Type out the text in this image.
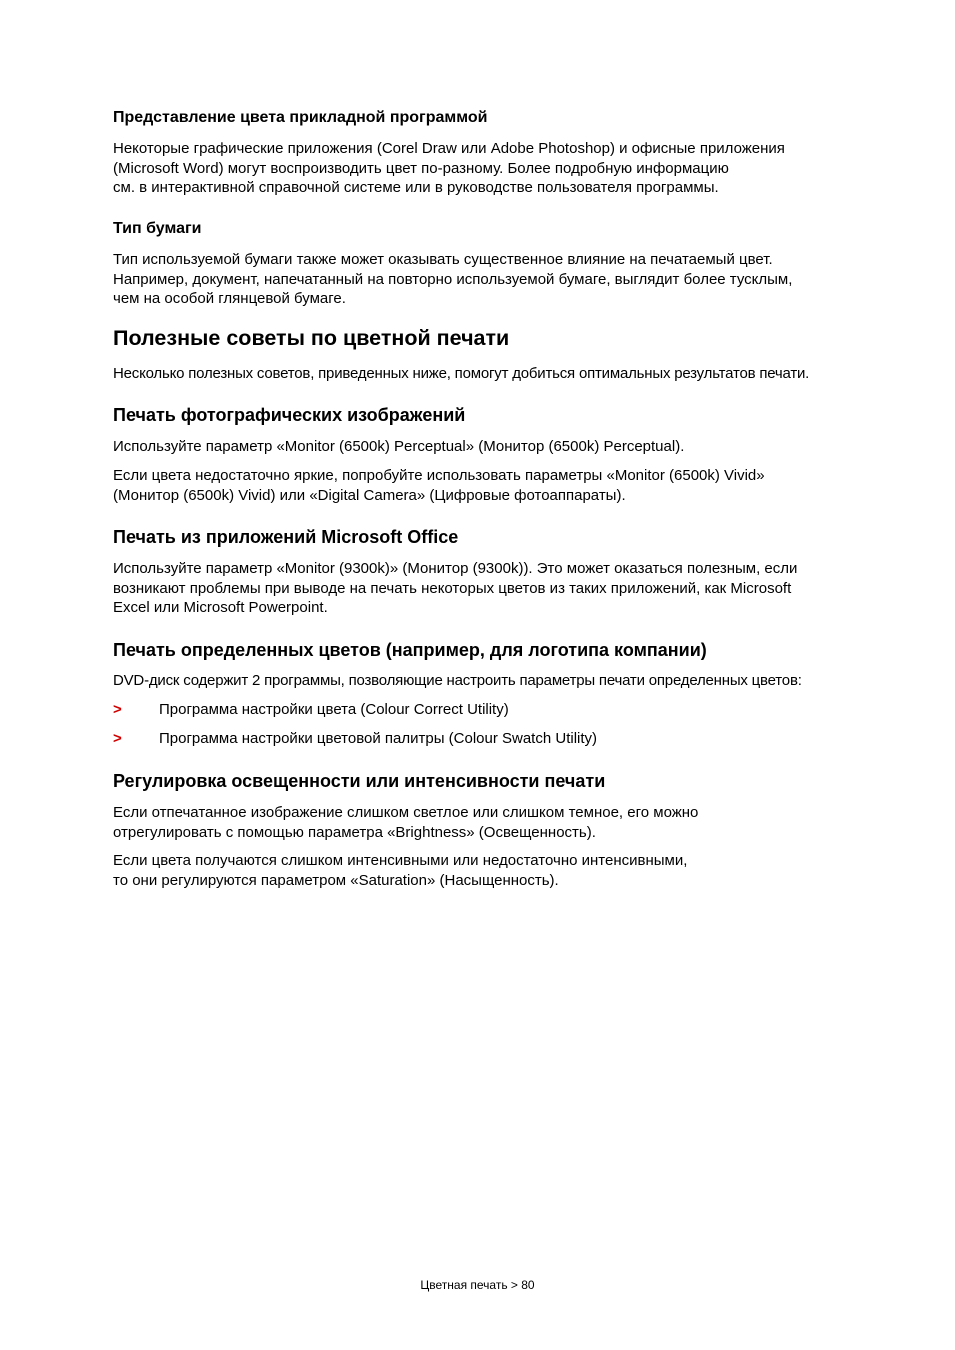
Представление цвета прикладной программой
Некоторые графические приложения (Corel Draw или Adobe Photoshop) и офисные приложения
(Microsoft Word) могут воспроизводить цвет по-разному. Более подробную информацию
см. в интерактивной справочной системе или в руководстве пользователя программы.
Тип бумаги
Тип используемой бумаги также может оказывать существенное влияние на печатаемый цвет.
Например, документ, напечатанный на повторно используемой бумаге, выглядит более тусклым,
чем на особой глянцевой бумаге.
Полезные советы по цветной печати
Несколько полезных советов, приведенных ниже, помогут добиться оптимальных результатов печати.
Печать фотографических изображений
Используйте параметр «Monitor (6500k) Perceptual» (Монитор (6500k) Perceptual).
Если цвета недостаточно яркие, попробуйте использовать параметры «Monitor (6500k) Vivid»
(Монитор (6500k) Vivid) или «Digital Camera» (Цифровые фотоаппараты).
Печать из приложений Microsoft Office
Используйте параметр «Monitor (9300k)» (Монитор (9300k)). Это может оказаться полезным, если
возникают проблемы при выводе на печать некоторых цветов из таких приложений, как Microsoft
Excel или Microsoft Powerpoint.
Печать определенных цветов (например, для логотипа компании)
DVD-диск содержит 2 программы, позволяющие настроить параметры печати определенных цветов:
> Программа настройки цвета (Colour Correct Utility)
> Программа настройки цветовой палитры (Colour Swatch Utility)
Регулировка освещенности или интенсивности печати
Если отпечатанное изображение слишком светлое или слишком темное, его можно
отрегулировать с помощью параметра «Brightness» (Освещенность).
Если цвета получаются слишком интенсивными или недостаточно интенсивными,
то они регулируются параметром «Saturation» (Насыщенность).
Цветная печать > 80
